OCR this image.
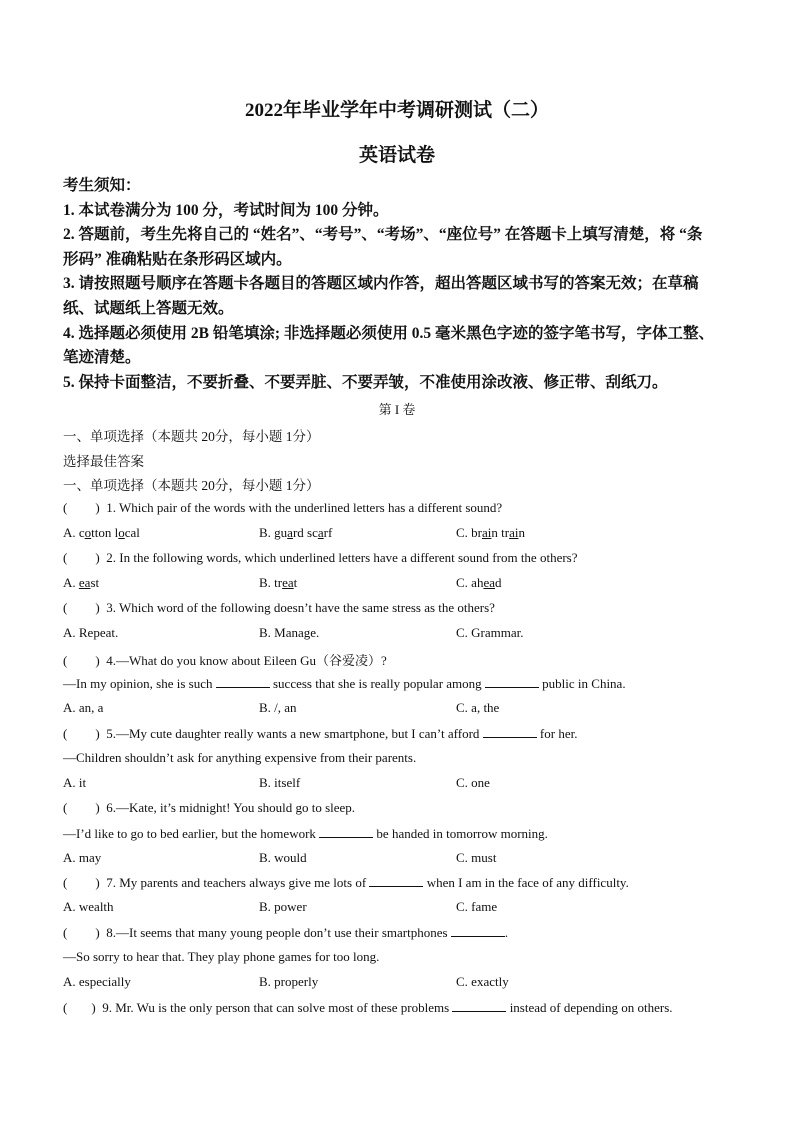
2022年毕业学年中考调研测试（二）
英语试卷
考生须知：
1. 本试卷满分为 100 分，考试时间为 100 分钟。
2. 答题前，考生先将自己的 “姓名”、“考号”、“考场”、“座位号” 在答题卡上填写清楚，将 “条
形码” 准确粘贴在条形码区域内。
3. 请按照题号顺序在答题卡各题目的答题区域内作答，超出答题区域书写的答案无效；在草稿
纸、试题纸上答题无效。
4. 选择题必须使用 2B 铅笔填涂; 非选择题必须使用 0.5 毫米黑色字迹的签字笔书写，字体工整、
笔迹清楚。
5. 保持卡面整洁，不要折叠、不要弄脏、不要弄皱，不准使用涂改液、修正带、刮纸刀。
第 I 卷
一、单项选择（本题共 20分，每小题 1分）
选择最佳答案
一、单项选择（本题共 20分，每小题 1分）
( ) 1. Which pair of the words with the underlined letters has a different sound?
A. cotton local	B. guard scarf	C. brain train
( ) 2. In the following words, which underlined letters have a different sound from the others?
A. east	B. treat	C. ahead
( ) 3. Which word of the following doesn’t have the same stress as the others?
A. Repeat.	B. Manage.	C. Grammar.
( ) 4.—What do you know about Eileen Gu（谷爱凌）?
—In my opinion, she is such	success that she is really popular among	public in China.
A. an, a	B. /, an	C. a, the
( ) 5.—My cute daughter really wants a new smartphone, but I can’t afford	for her.
—Children shouldn’t ask for anything expensive from their parents.
A. it	B. itself	C. one
( ) 6.—Kate, it’s midnight! You should go to sleep.
—I’d like to go to bed earlier, but the homework	be handed in tomorrow morning.
A. may	B. would	C. must
( ) 7. My parents and teachers always give me lots of	when I am in the face of any difficulty.
A. wealth	B. power	C. fame
( ) 8.—It seems that many young people don’t use their smartphones	.
—So sorry to hear that. They play phone games for too long.
A. especially	B. properly	C. exactly
( ) 9. Mr. Wu is the only person that can solve most of these problems	instead of depending on others.
